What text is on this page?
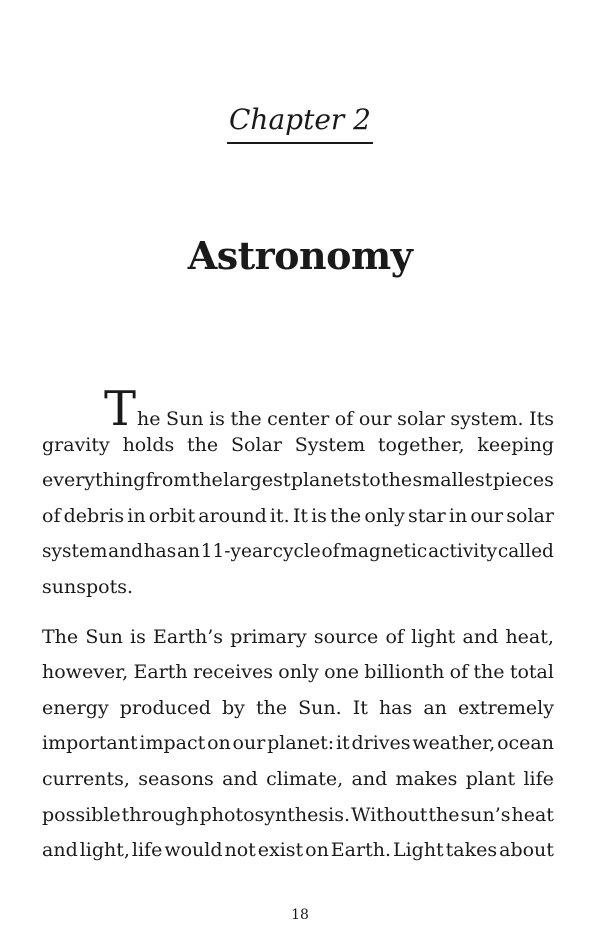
Chapter 2
Astronomy
T he Sun is the center of our solar system. Its
gravity holds the Solar System together, keeping
everything from the largest planets to the smallest pieces
of debris in orbit around it. It is the only star in our solar
system and has an 11-year cycle of magnetic activity called
sunspots.
The Sun is Earth’s primary source of light and heat,
however, Earth receives only one billionth of the total
energy produced by the Sun. It has an extremely
important impact on our planet: it drives weather, ocean
currents, seasons and climate, and makes plant life
possible through photosynthesis. Without the sun’s heat
and light, life would not exist on Earth. Light takes about
18
